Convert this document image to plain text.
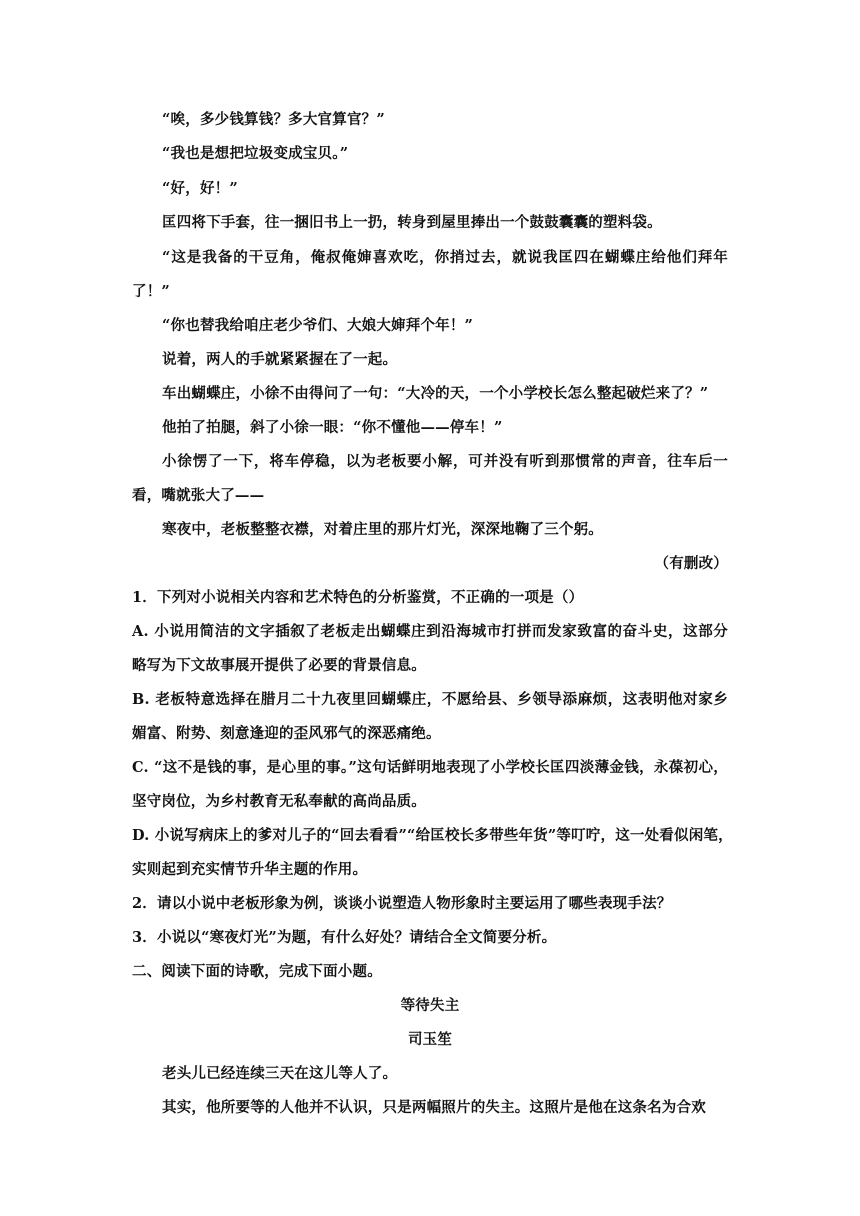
“唉，多少钱算钱？多大官算官？”
“我也是想把垃圾变成宝贝。”
“好，好！”
匡四将下手套，往一捆旧书上一扔，转身到屋里捧出一个鼓鼓囊囊的塑料袋。
“这是我备的干豆角，俺叔俺婶喜欢吃，你捎过去，就说我匡四在蝴蝶庄给他们拜年
了！”
“你也替我给咱庄老少爷们、大娘大婶拜个年！”
说着，两人的手就紧紧握在了一起。
车出蝴蝶庄，小徐不由得问了一句：“大冷的天，一个小学校长怎么整起破烂来了？”
他拍了拍腿，斜了小徐一眼：“你不懂他——停车！”
小徐愣了一下，将车停稳，以为老板要小解，可并没有听到那惯常的声音，往车后一
看，嘴就张大了——
寒夜中，老板整整衣襟，对着庄里的那片灯光，深深地鞠了三个躬。
（有删改）
1．下列对小说相关内容和艺术特色的分析鉴赏，不正确的一项是（）
A. 小说用简洁的文字插叙了老板走出蝴蝶庄到沿海城市打拼而发家致富的奋斗史，这部分
略写为下文故事展开提供了必要的背景信息。
B. 老板特意选择在腊月二十九夜里回蝴蝶庄，不愿给县、乡领导添麻烦，这表明他对家乡
媚富、附势、刻意逢迎的歪风邪气的深恶痛绝。
C. “这不是钱的事，是心里的事。”这句话鲜明地表现了小学校长匡四淡薄金钱，永葆初心，
坚守岗位，为乡村教育无私奉献的高尚品质。
D. 小说写病床上的爹对儿子的“回去看看”“给匡校长多带些年货”等叮咛，这一处看似闲笔，
实则起到充实情节升华主题的作用。
2．请以小说中老板形象为例，谈谈小说塑造人物形象时主要运用了哪些表现手法？
3．小说以“寒夜灯光”为题，有什么好处？请结合全文简要分析。
二、阅读下面的诗歌，完成下面小题。
等待失主
司玉笙
老头儿已经连续三天在这儿等人了。
其实，他所要等的人他并不认识，只是两幅照片的失主。这照片是他在这条名为合欢
